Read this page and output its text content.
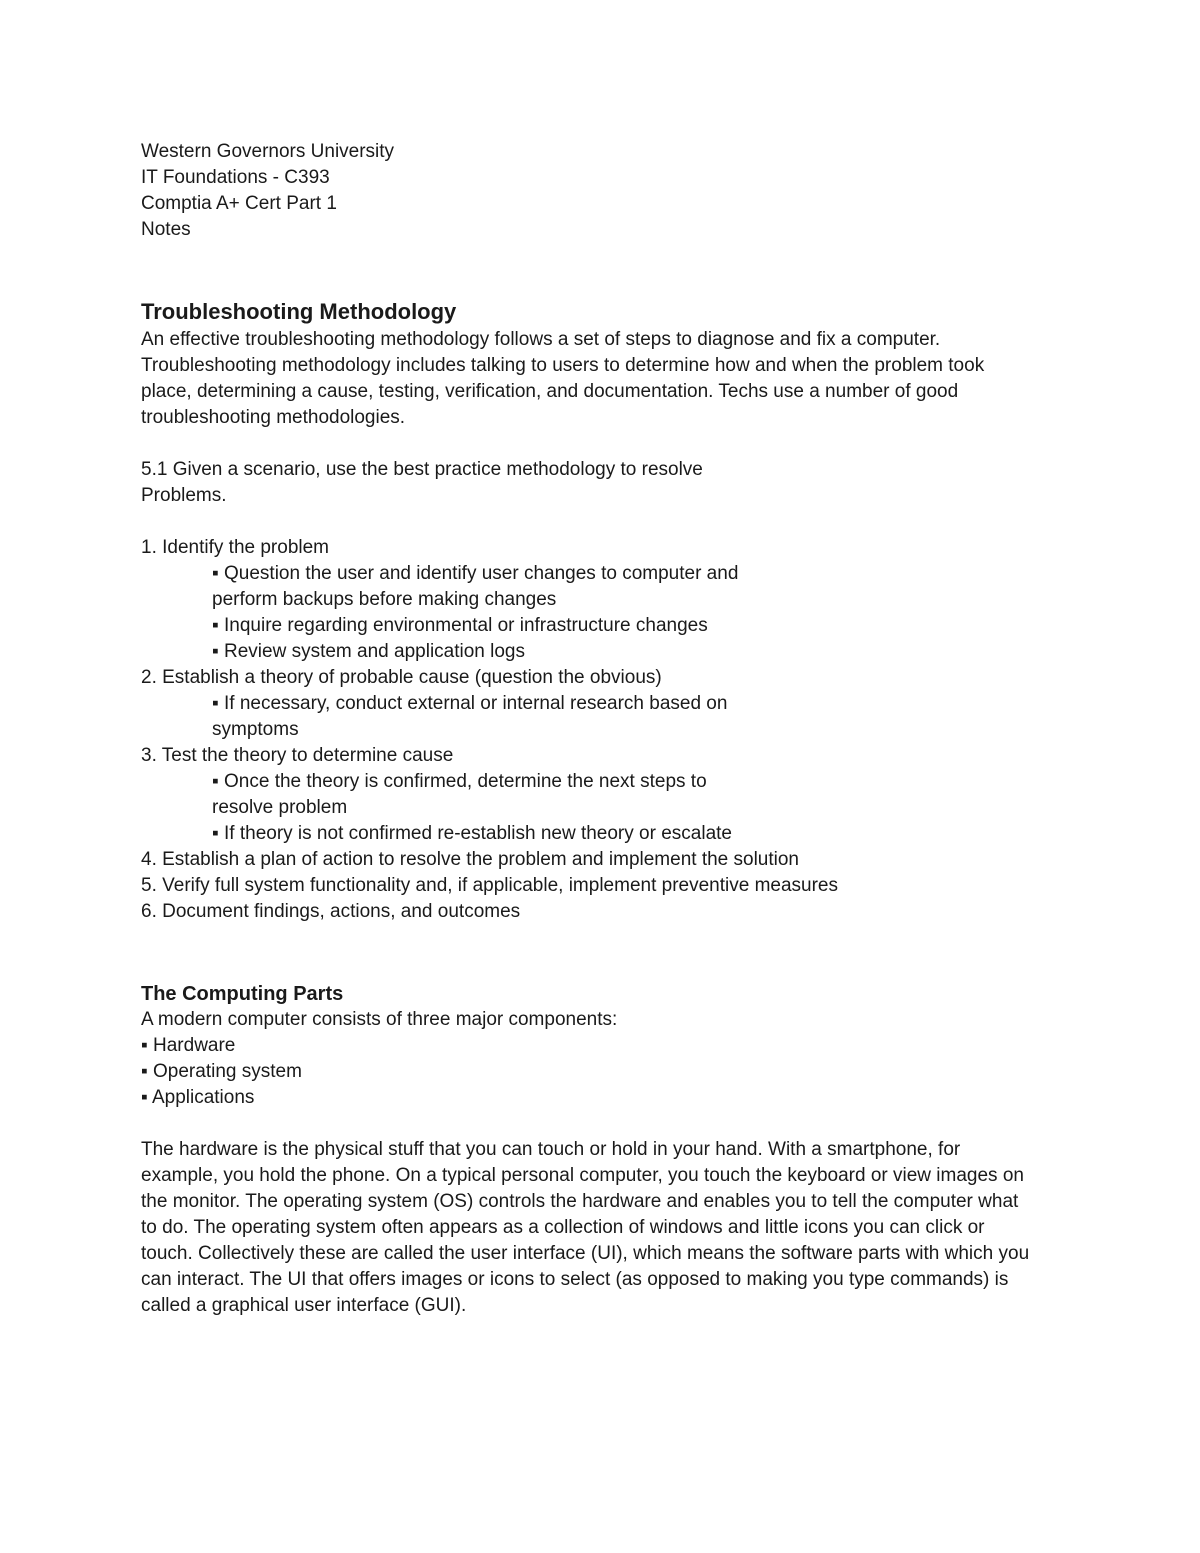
Western Governors University
IT Foundations - C393
Comptia A+ Cert Part 1
Notes
Troubleshooting Methodology
An effective troubleshooting methodology follows a set of steps to diagnose and fix a computer.
Troubleshooting methodology includes talking to users to determine how and when the problem took
place, determining a cause, testing, verification, and documentation. Techs use a number of good
troubleshooting methodologies.
5.1 Given a scenario, use the best practice methodology to resolve
Problems.
1. Identify the problem
▪ Question the user and identify user changes to computer and
perform backups before making changes
▪ Inquire regarding environmental or infrastructure changes
▪ Review system and application logs
2. Establish a theory of probable cause (question the obvious)
▪ If necessary, conduct external or internal research based on
symptoms
3. Test the theory to determine cause
▪ Once the theory is confirmed, determine the next steps to
resolve problem
▪ If theory is not confirmed re-establish new theory or escalate
4. Establish a plan of action to resolve the problem and implement the solution
5. Verify full system functionality and, if applicable, implement preventive measures
6. Document findings, actions, and outcomes
The Computing Parts

A modern computer consists of three major components:

▪ Hardware
▪ Operating system
▪ Applications
The hardware is the physical stuff that you can touch or hold in your hand. With a smartphone, for
example, you hold the phone. On a typical personal computer, you touch the keyboard or view images on
the monitor. The operating system (OS) controls the hardware and enables you to tell the computer what
to do. The operating system often appears as a collection of windows and little icons you can click or
touch. Collectively these are called the user interface (UI), which means the software parts with which you
can interact. The UI that offers images or icons to select (as opposed to making you type commands) is
called a graphical user interface (GUI).
